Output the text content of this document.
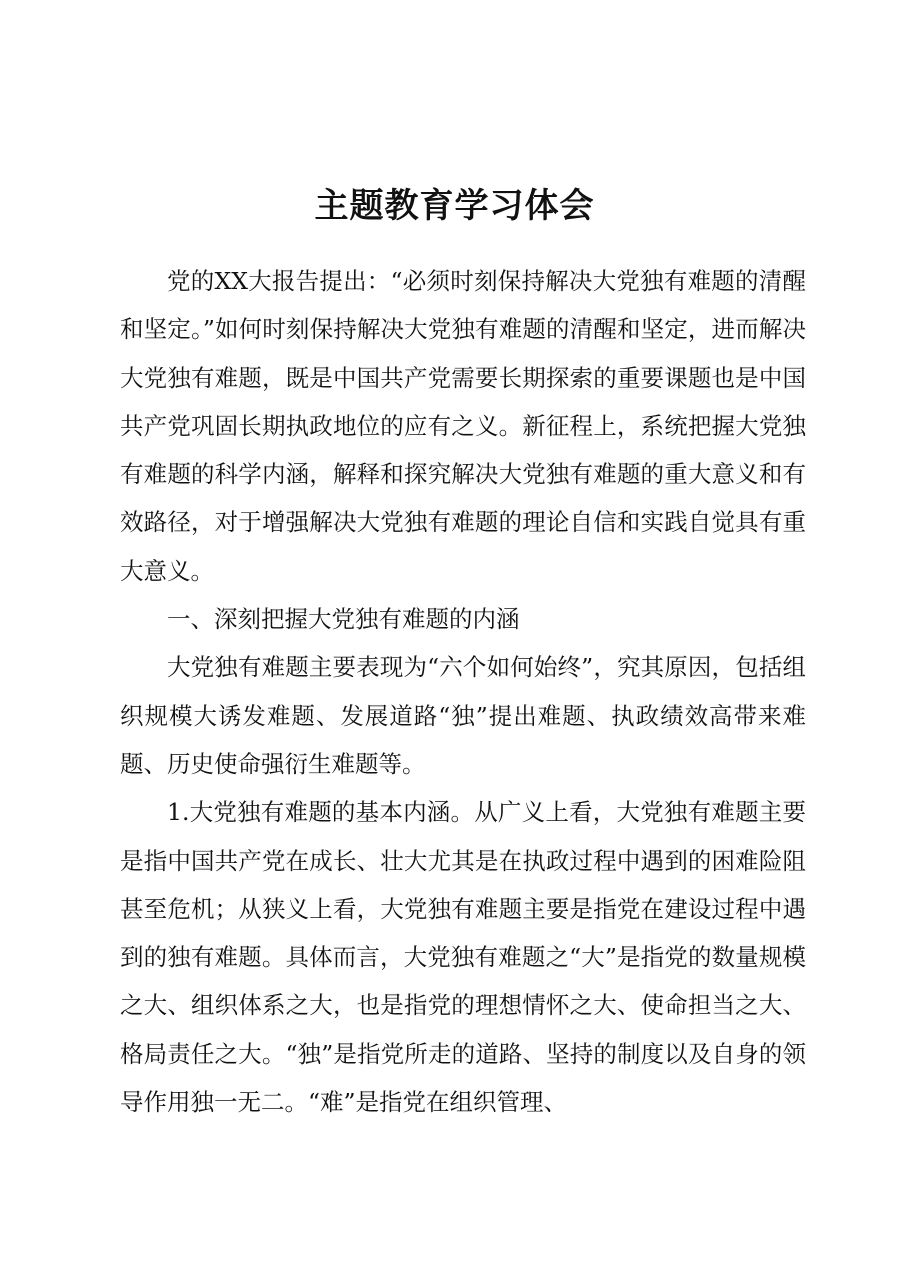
主题教育学习体会

党的XX大报告提出：“必须时刻保持解决大党独有难题的清醒和坚定。”如何时刻保持解决大党独有难题的清醒和坚定，进而解决大党独有难题，既是中国共产党需要长期探索的重要课题也是中国共产党巩固长期执政地位的应有之义。新征程上，系统把握大党独有难题的科学内涵，解释和探究解决大党独有难题的重大意义和有效路径，对于增强解决大党独有难题的理论自信和实践自觉具有重大意义。

一、深刻把握大党独有难题的内涵

大党独有难题主要表现为“六个如何始终”，究其原因，包括组织规模大诱发难题、发展道路“独”提出难题、执政绩效高带来难题、历史使命强衍生难题等。

1.大党独有难题的基本内涵。从广义上看，大党独有难题主要是指中国共产党在成长、壮大尤其是在执政过程中遇到的困难险阻甚至危机；从狭义上看，大党独有难题主要是指党在建设过程中遇到的独有难题。具体而言，大党独有难题之“大”是指党的数量规模之大、组织体系之大，也是指党的理想情怀之大、使命担当之大、格局责任之大。“独”是指党所走的道路、坚持的制度以及自身的领导作用独一无二。“难”是指党在组织管理、
